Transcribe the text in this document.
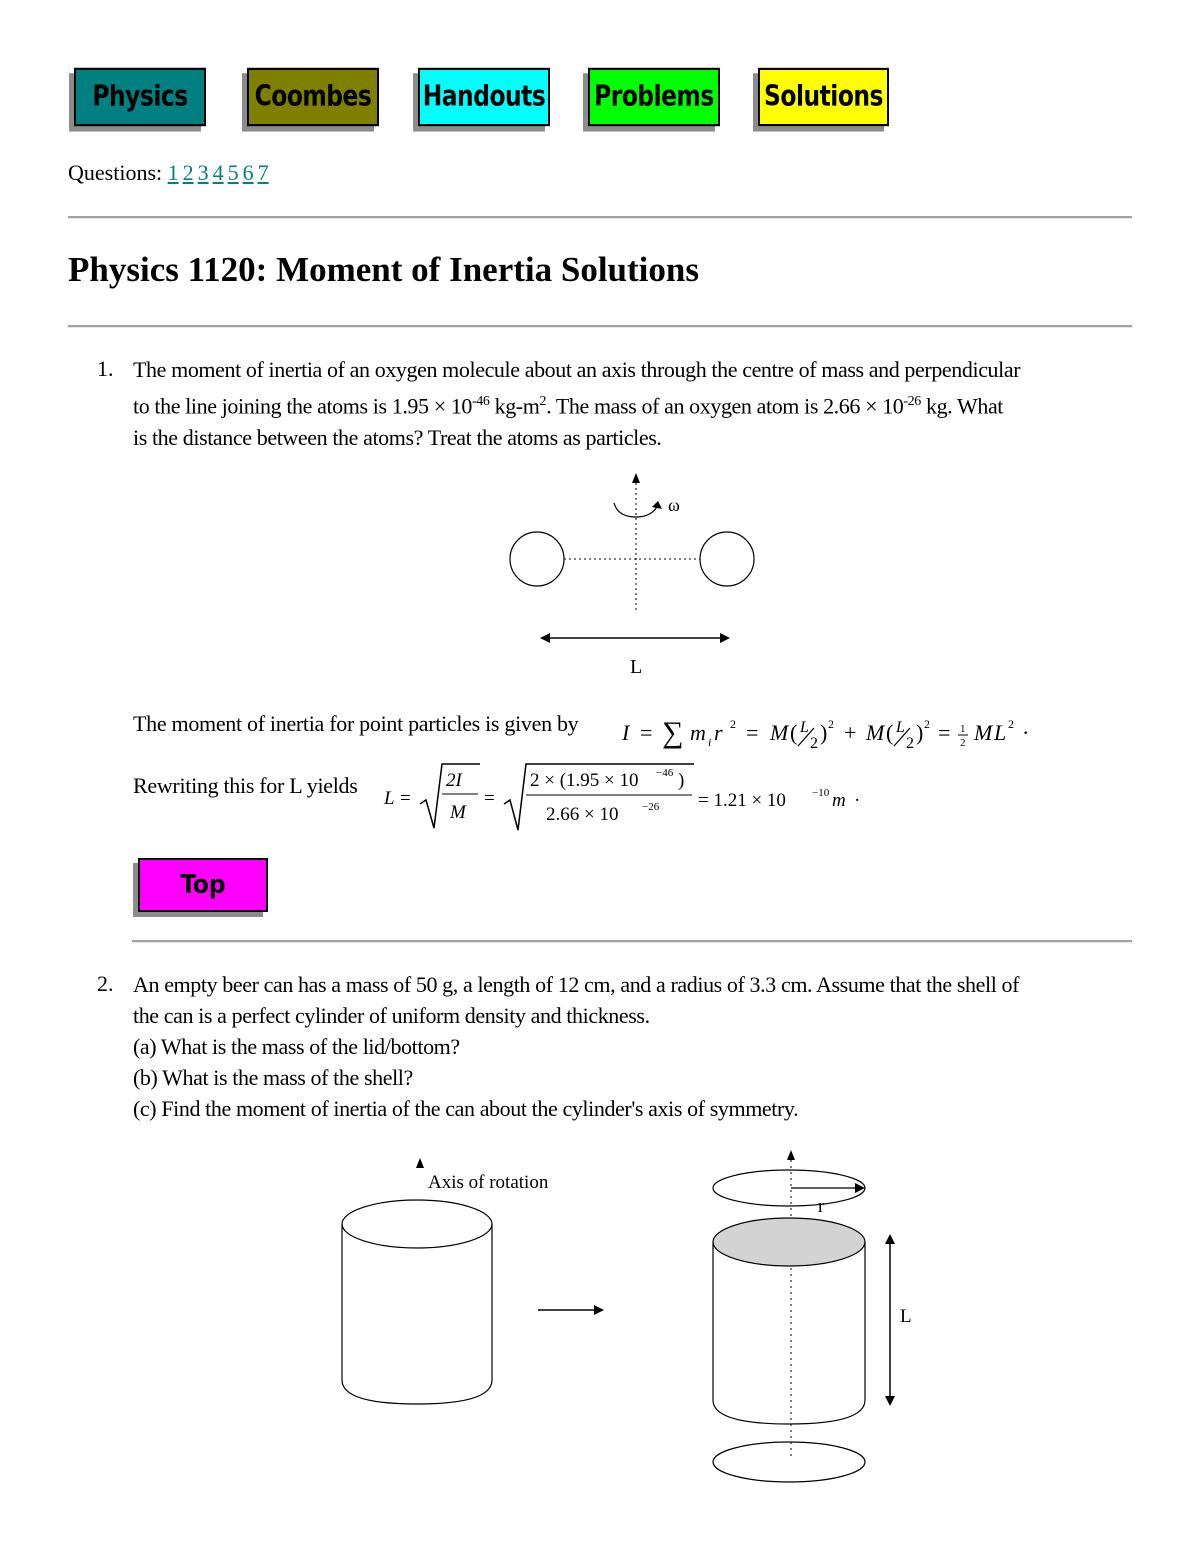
Physics	Coombes Handouts Problems Solutions
Questions: 1 2 3 4 5 6 7
Physics 1120: Moment of Inertia Solutions
1. The moment of inertia of an oxygen molecule about an axis through the centre of mass and perpendicular
to the line joining the atoms is $1.95 \times 10^{-46}$ $kg-m^2$. The mass of an oxygen atom is $2.66 \times 10^{-26}$ kg. What
is the distance between the atoms? Treat the atoms as particles.
ω
L
The moment of inertia for point particles is given by I = ∑ m i r 2 = M ( L
2 ) 2 + M ( L
2 ) 2 = 1
2 M L 2 ·
Rewriting this for L yields
L =
2I
M
=
2 × (1.95 × 10 −46 )
2.66 × 10 −26 = 1.21 × 10 −10 m ·
Top
2. An empty beer can has a mass of 50 g, a length of 12 cm, and a radius of 3.3 cm. Assume that the shell of
the can is a perfect cylinder of uniform density and thickness.
(a) What is the mass of the lid/bottom?
(b) What is the mass of the shell?
(c) Find the moment of inertia of the can about the cylinder's axis of symmetry.
Axis of rotation
r
L
